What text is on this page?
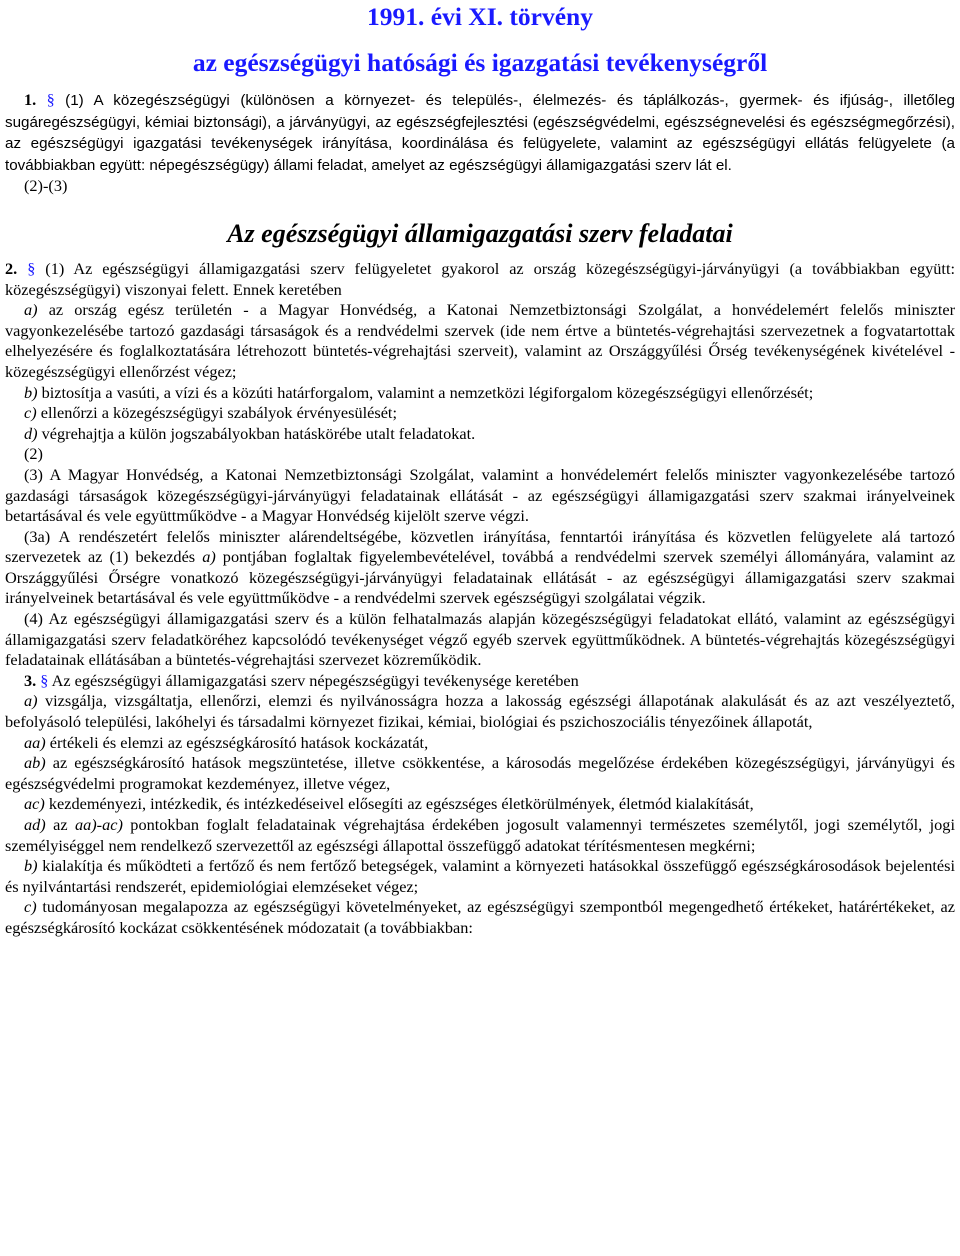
1991. évi XI. törvény
az egészségügyi hatósági és igazgatási tevékenységről

1. § (1) A közegészségügyi (különösen a környezet- és település-, élelmezés- és táplálkozás-, gyermek- és ifjúság-, illetőleg sugáregészségügyi, kémiai biztonsági), a járványügyi, az egészségfejlesztési (egészségvédelmi, egészségnevelési és egészségmegőrzési), az egészségügyi igazgatási tevékenységek irányítása, koordinálása és felügyelete, valamint az egészségügyi ellátás felügyelete (a továbbiakban együtt: népegészségügy) állami feladat, amelyet az egészségügyi államigazgatási szerv lát el.

(2)-(3)

Az egészségügyi államigazgatási szerv feladatai

2. § (1) Az egészségügyi államigazgatási szerv felügyeletet gyakorol az ország közegészségügyi-járványügyi (a továbbiakban együtt: közegészségügyi) viszonyai felett. Ennek keretében

a) az ország egész területén - a Magyar Honvédség, a Katonai Nemzetbiztonsági Szolgálat, a honvédelemért felelős miniszter vagyonkezelésébe tartozó gazdasági társaságok és a rendvédelmi szervek (ide nem értve a büntetés-végrehajtási szervezetnek a fogvatartottak elhelyezésére és foglalkoztatására létrehozott büntetés-végrehajtási szerveit), valamint az Országgyűlési Őrség tevékenységének kivételével - közegészségügyi ellenőrzést végez;

b) biztosítja a vasúti, a vízi és a közúti határforgalom, valamint a nemzetközi légiforgalom közegészségügyi ellenőrzését;

c) ellenőrzi a közegészségügyi szabályok érvényesülését;

d) végrehajtja a külön jogszabályokban hatáskörébe utalt feladatokat.

(2)

(3) A Magyar Honvédség, a Katonai Nemzetbiztonsági Szolgálat, valamint a honvédelemért felelős miniszter vagyonkezelésébe tartozó gazdasági társaságok közegészségügyi-járványügyi feladatainak ellátását - az egészségügyi államigazgatási szerv szakmai irányelveinek betartásával és vele együttműködve - a Magyar Honvédség kijelölt szerve végzi.

(3a) A rendészetért felelős miniszter alárendeltségébe, közvetlen irányítása, fenntartói irányítása és közvetlen felügyelete alá tartozó szervezetek az (1) bekezdés a) pontjában foglaltak figyelembevételével, továbbá a rendvédelmi szervek személyi állományára, valamint az Országgyűlési Őrségre vonatkozó közegészségügyi-járványügyi feladatainak ellátását - az egészségügyi államigazgatási szerv szakmai irányelveinek betartásával és vele együttműködve - a rendvédelmi szervek egészségügyi szolgálatai végzik.

(4) Az egészségügyi államigazgatási szerv és a külön felhatalmazás alapján közegészségügyi feladatokat ellátó, valamint az egészségügyi államigazgatási szerv feladatköréhez kapcsolódó tevékenységet végző egyéb szervek együttműködnek. A büntetés-végrehajtás közegészségügyi feladatainak ellátásában a büntetés-végrehajtási szervezet közreműködik.

3. § Az egészségügyi államigazgatási szerv népegészségügyi tevékenysége keretében

a) vizsgálja, vizsgáltatja, ellenőrzi, elemzi és nyilvánosságra hozza a lakosság egészségi állapotának alakulását és az azt veszélyeztető, befolyásoló települési, lakóhelyi és társadalmi környezet fizikai, kémiai, biológiai és pszichoszociális tényezőinek állapotát,

aa) értékeli és elemzi az egészségkárosító hatások kockázatát,

ab) az egészségkárosító hatások megszüntetése, illetve csökkentése, a károsodás megelőzése érdekében közegészségügyi, járványügyi és egészségvédelmi programokat kezdeményez, illetve végez,

ac) kezdeményezi, intézkedik, és intézkedéseivel elősegíti az egészséges életkörülmények, életmód kialakítását,

ad) az aa)-ac) pontokban foglalt feladatainak végrehajtása érdekében jogosult valamennyi természetes személytől, jogi személytől, jogi személyiséggel nem rendelkező szervezettől az egészségi állapottal összefüggő adatokat térítésmentesen megkérni;

b) kialakítja és működteti a fertőző és nem fertőző betegségek, valamint a környezeti hatásokkal összefüggő egészségkárosodások bejelentési és nyilvántartási rendszerét, epidemiológiai elemzéseket végez;

c) tudományosan megalapozza az egészségügyi követelményeket, az egészségügyi szempontból megengedhető értékeket, határértékeket, az egészségkárosító kockázat csökkentésének módozatait (a továbbiakban:
